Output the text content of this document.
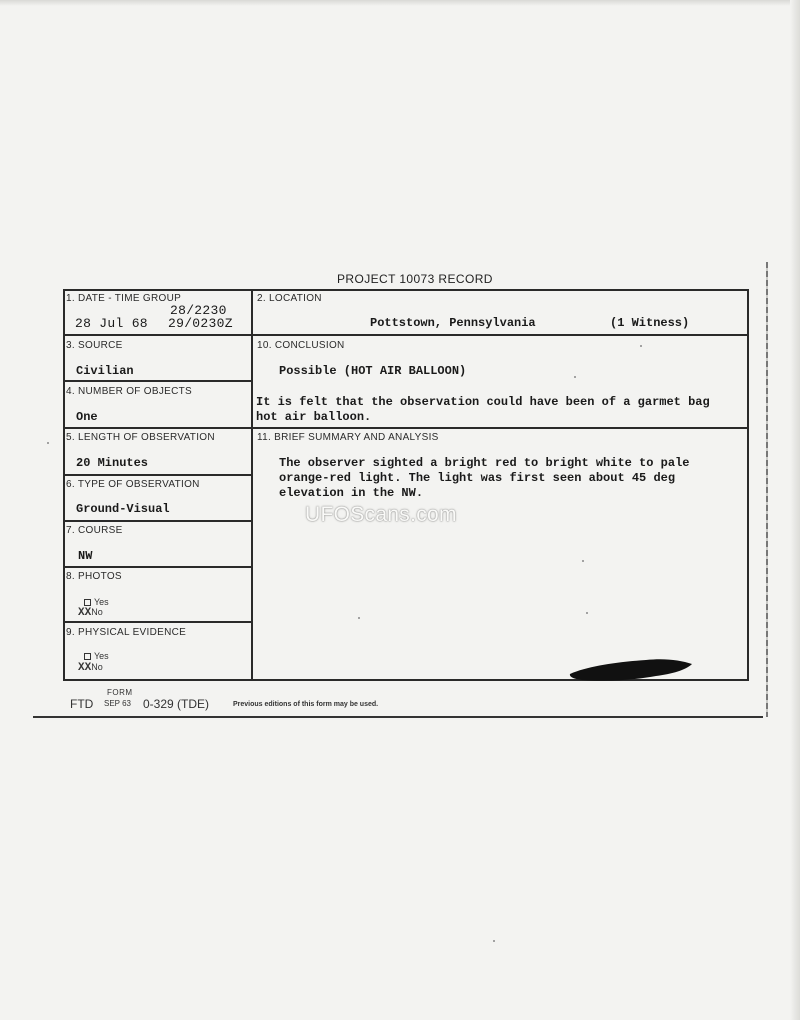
PROJECT 10073 RECORD
1. DATE - TIME GROUP
28/2230
28 Jul 68 29/0230Z
2. LOCATION
Pottstown, Pennsylvania	(1 Witness)
3. SOURCE
Civilian
10. CONCLUSION
Possible (HOT AIR BALLOON)
It is felt that the observation could have been of a garmet bag
hot air balloon.
4. NUMBER OF OBJECTS
One
5. LENGTH OF OBSERVATION
20 Minutes
11. BRIEF SUMMARY AND ANALYSIS
The observer sighted a bright red to bright white to pale
orange-red light. The light was first seen about 45 deg
elevation in the NW.
6. TYPE OF OBSERVATION
Ground-Visual
7. COURSE
NW
8. PHOTOS
Yes
XXNo
9. PHYSICAL EVIDENCE
Yes
XXNo
UFOScans.com
FORM
FTD SEP 63 0-329 (TDE)	Previous editions of this form may be used.
